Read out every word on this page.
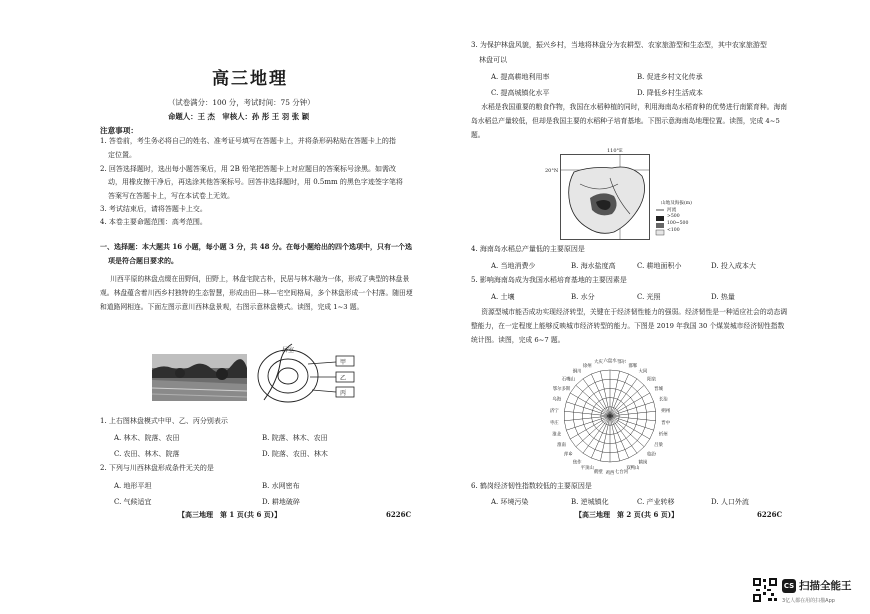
高三地理
（试卷满分：100 分，考试时间：75 分钟）
命题人：王 杰　审核人：孙 彤 王 羽 张 颖
注意事项：
1. 答卷前，考生务必将自己的姓名、准考证号填写在答题卡上，并将条形码粘贴在答题卡上的指
定位置。
2. 回答选择题时，选出每小题答案后，用 2B 铅笔把答题卡上对应题目的答案标号涂黑。如需改
动，用橡皮擦干净后，再选涂其他答案标号。回答非选择题时，用 0.5mm 的黑色字迹签字笔将
答案写在答题卡上，写在本试卷上无效。
3. 考试结束后，请将答题卡上交。
4. 本卷主要命题范围：高考范围。
一、选择题：本大题共 16 小题，每小题 3 分，共 48 分。在每小题给出的四个选项中，只有一个选
项是符合题目要求的。
川西平原的林盘点缀在田野间，田野上，林盘宅院古朴，民居与林木融为一体，形成了典型的林盘景观。林盘蕴含着川西乡村独特的生态智慧，形成由田—林—宅空间格局，多个林盘形成一个村落。随田埂和道路网相连。下面左图示意川西林盘景观，右图示意林盘模式。读图，完成 1~3 题。
居室
甲
乙
丙
1. 上右图林盘模式中甲、乙、丙分别表示
A. 林木、院落、农田	B. 院落、林木、农田
C. 农田、林木、院落	D. 院落、农田、林木
2. 下列与川西林盘形成条件无关的是
A. 地形平坦	B. 水网密布
C. 气候适宜	D. 耕地破碎
【高三地理　第 1 页(共 6 页)】	6226C
3. 为保护林盘风貌，振兴乡村，当地将林盘分为农耕型、农家旅游型和生态型，其中农家旅游型
林盘可以
A. 提高耕地利用率	B. 促进乡村文化传承
C. 提高城镇化水平	D. 降低乡村生活成本
水稻是我国重要的粮食作物，我国在水稻种植的同时，利用海南岛水稻育种的优势进行南繁育种。海南岛水稻总产量较低，但却是我国主要的水稻种子培育基地。下图示意海南岛地理位置。读图，完成 4~5 题。
110°E
20°N
山地及海拔(m)
河流
>500
100~500
<100
4. 海南岛水稻总产量低的主要原因是
A. 当地消费少	B. 海水盐度高	C. 耕地面积小	D. 投入成本大
5. 影响海南岛成为我国水稻培育基地的主要因素是
A. 土壤	B. 水分	C. 光照	D. 热量
资源型城市能否成功实现经济转型，关键在于经济韧性能力的强弱。经济韧性是一种适应社会的动态调整能力，在一定程度上能够反映城市经济转型的能力。下图是 2019 年我国 30 个煤炭城市经济韧性指数统计图。读图，完成 6~7 题。
六盘水 鄂尔
邯郸
大同
阳泉
晋城
长治
朔州
晋中
忻州
吕梁
临汾
鹤岗
双鸭山
七台河
鸡西
鹤壁
平顶山
焦作
萍乡
淮南
淮北
枣庄
济宁
乌海
鄂尔多斯
石嘴山
铜川
徐州
大庆
6. 鹤岗经济韧性指数较低的主要原因是
A. 环境污染	B. 逆城镇化	C. 产业转移	D. 人口外流
【高三地理　第 2 页(共 6 页)】	6226C
CS 扫描全能王
3亿人都在用的扫描App
